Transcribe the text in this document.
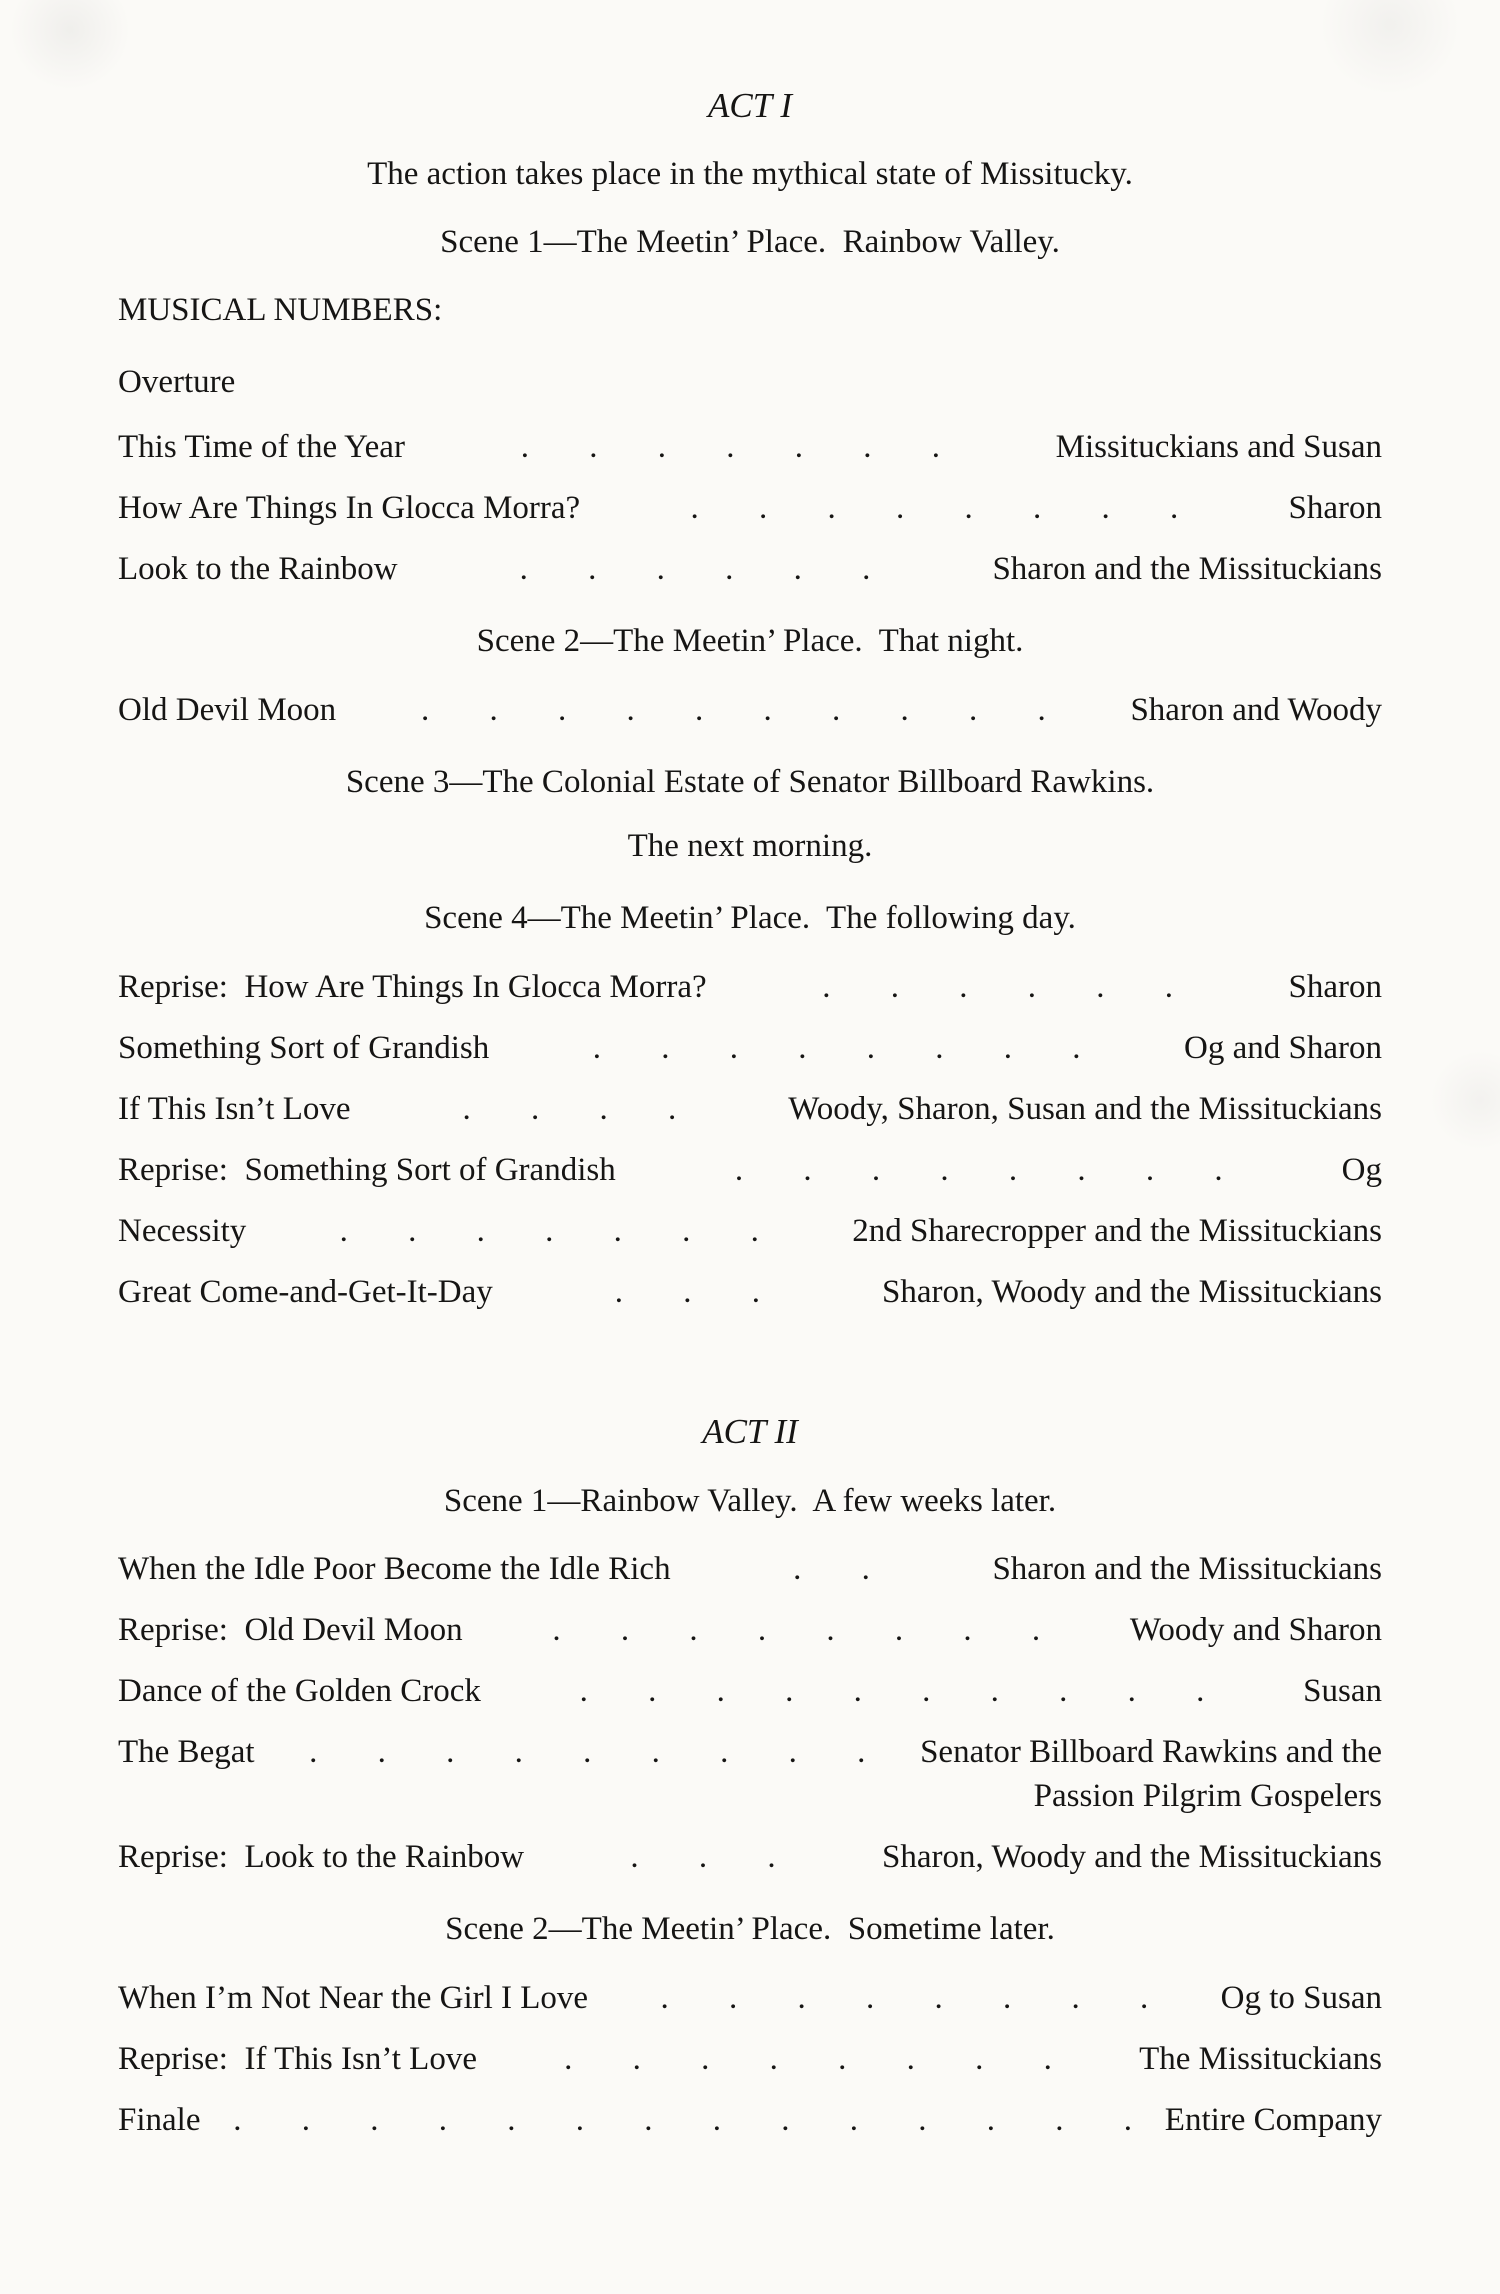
ACT I
The action takes place in the mythical state of Missitucky.
Scene 1—The Meetin’ Place.  Rainbow Valley.
MUSICAL NUMBERS:
Overture
This Time of the Year	. . . . . . .	Missituckians and Susan
How Are Things In Glocca Morra?	. . . . . . . .	Sharon
Look to the Rainbow	. . . . . .	Sharon and the Missituckians
Scene 2—The Meetin’ Place.  That night.
Old Devil Moon	. . . . . . . . . .	Sharon and Woody
Scene 3—The Colonial Estate of Senator Billboard Rawkins.
The next morning.
Scene 4—The Meetin’ Place.  The following day.
Reprise:  How Are Things In Glocca Morra?	. . . . . .	Sharon
Something Sort of Grandish	. . . . . . . .	Og and Sharon
If This Isn’t Love	. . . .	Woody, Sharon, Susan and the Missituckians
Reprise:  Something Sort of Grandish	. . . . . . . .	Og
Necessity	. . . . . . .	2nd Sharecropper and the Missituckians
Great Come-and-Get-It-Day	. . .	Sharon, Woody and the Missituckians
ACT II
Scene 1—Rainbow Valley.  A few weeks later.
When the Idle Poor Become the Idle Rich	. .	Sharon and the Missituckians
Reprise:  Old Devil Moon	. . . . . . . .	Woody and Sharon
Dance of the Golden Crock	. . . . . . . . . .	Susan
The Begat	. . . . . . . . .	Senator Billboard Rawkins and the
Passion Pilgrim Gospelers
Reprise:  Look to the Rainbow	. . .	Sharon, Woody and the Missituckians
Scene 2—The Meetin’ Place.  Sometime later.
When I’m Not Near the Girl I Love	. . . . . . . .	Og to Susan
Reprise:  If This Isn’t Love	. . . . . . . .	The Missituckians
Finale . . . . . . . . . . . . . . Entire Company
